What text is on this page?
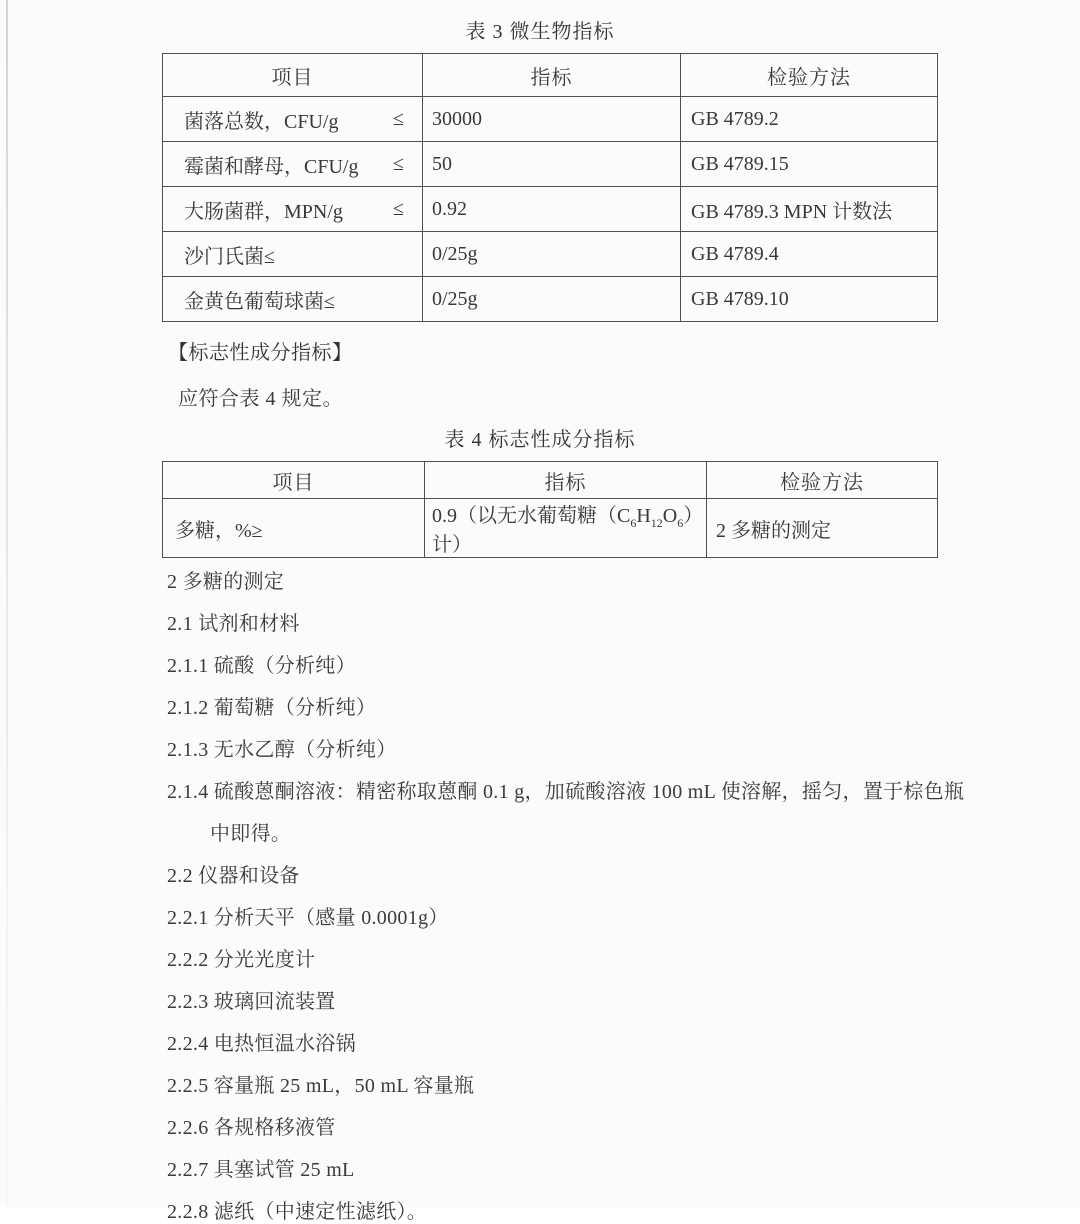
表 3 微生物指标
项目	指标	检验方法

菌落总数，CFU/g ≤	30000	GB 4789.2

霉菌和酵母，CFU/g ≤	50	GB 4789.15

大肠菌群，MPN/g ≤	0.92	GB 4789.3 MPN 计数法

沙门氏菌≤	0/25g	GB 4789.4

金黄色葡萄球菌≤	0/25g	GB 4789.10
【标志性成分指标】
应符合表 4 规定。
表 4 标志性成分指标
项目	指标	检验方法
多糖，%≥	0.9（以无水葡萄糖$(C_6H_{12}O_6)$计）	2 多糖的测定

2 多糖的测定

2.1 试剂和材料

2.1.1 硫酸（分析纯）

2.1.2 葡萄糖（分析纯）

2.1.3 无水乙醇（分析纯）

2.1.4 硫酸蒽酮溶液：精密称取蒽酮 0.1 g，加硫酸溶液 100 mL 使溶解，摇匀，置于棕色瓶

中即得。

2.2 仪器和设备

2.2.1 分析天平（感量 0.0001g）

2.2.2 分光光度计

2.2.3 玻璃回流装置

2.2.4 电热恒温水浴锅

2.2.5 容量瓶 25 mL，50 mL 容量瓶

2.2.6 各规格移液管

2.2.7 具塞试管 25 mL

2.2.8 滤纸（中速定性滤纸）。
